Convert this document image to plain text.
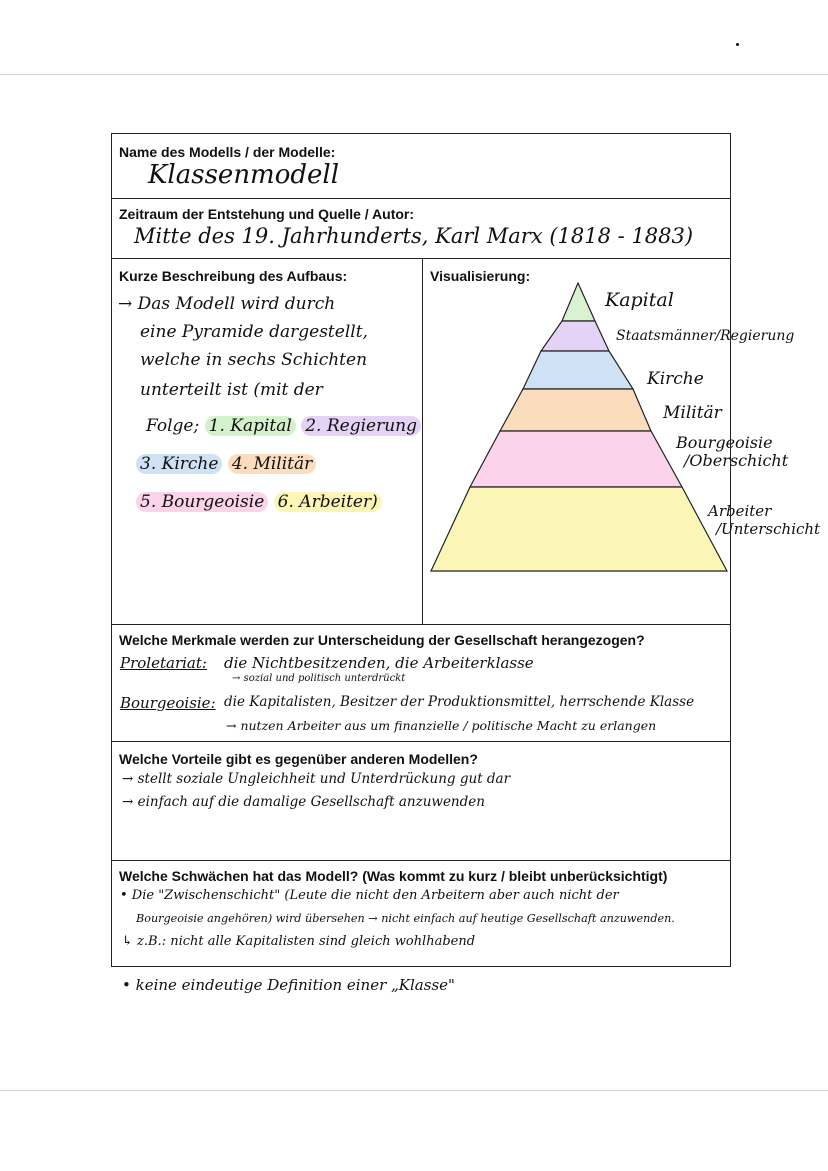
Name des Modells / der Modelle:
Klassenmodell
Zeitraum der Entstehung und Quelle / Autor:
Mitte des 19. Jahrhunderts, Karl Marx (1818 - 1883)
Kurze Beschreibung des Aufbaus:	Visualisierung:
→ Das Modell wird durch
eine Pyramide dargestellt,
welche in sechs Schichten
unterteilt ist (mit der
Folge; 1. Kapital 2. Regierung
3. Kirche 4. Militär
5. Bourgeoisie 6. Arbeiter)
Welche Merkmale werden zur Unterscheidung der Gesellschaft herangezogen?
Proletariat: die Nichtbesitzenden, die Arbeiterklasse
→ sozial und politisch unterdrückt
Bourgeoisie: die Kapitalisten, Besitzer der Produktionsmittel, herrschende Klasse
→ nutzen Arbeiter aus um finanzielle / politische Macht zu erlangen
Welche Vorteile gibt es gegenüber anderen Modellen?
→ stellt soziale Ungleichheit und Unterdrückung gut dar
→ einfach auf die damalige Gesellschaft anzuwenden
Welche Schwächen hat das Modell? (Was kommt zu kurz / bleibt unberücksichtigt)
• Die "Zwischenschicht" (Leute die nicht den Arbeitern aber auch nicht der
Bourgeoisie angehören) wird übersehen → nicht einfach auf heutige Gesellschaft anzuwenden.
↳ z.B.: nicht alle Kapitalisten sind gleich wohlhabend
• keine eindeutige Definition einer „Klasse"
Kapital
Staatsmänner/Regierung
Kirche
Militär
Bourgeoisie /Oberschicht
Arbeiter /Unterschicht
